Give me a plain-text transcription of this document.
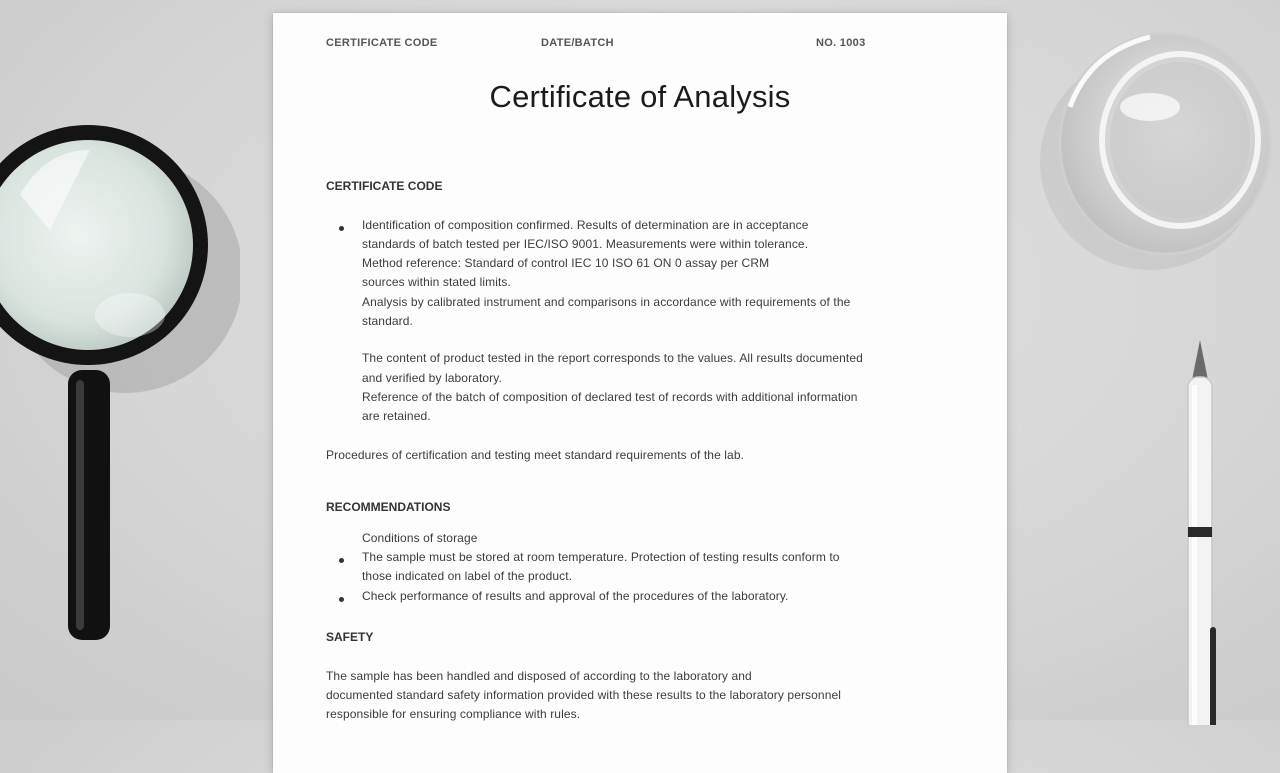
CERTIFICATE CODE	DATE/BATCH	NO. 1003
Certificate of Analysis
CERTIFICATE CODE
Identification of composition confirmed. Results of determination are in acceptance
standards of batch tested per IEC/ISO 9001. Measurements were within tolerance.
Method reference: Standard of control IEC 10 ISO 61 ON 0 assay per CRM
sources within stated limits.
Analysis by calibrated instrument and comparisons in accordance with requirements of the
standard.
The content of product tested in the report corresponds to the values. All results documented
and verified by laboratory.
Reference of the batch of composition of declared test of records with additional information
are retained.
Procedures of certification and testing meet standard requirements of the lab.
RECOMMENDATIONS
Conditions of storage
The sample must be stored at room temperature. Protection of testing results conform to
those indicated on label of the product.
Check performance of results and approval of the procedures of the laboratory.
SAFETY
The sample has been handled and disposed of according to the laboratory and
documented standard safety information provided with these results to the laboratory personnel
responsible for ensuring compliance with rules.
